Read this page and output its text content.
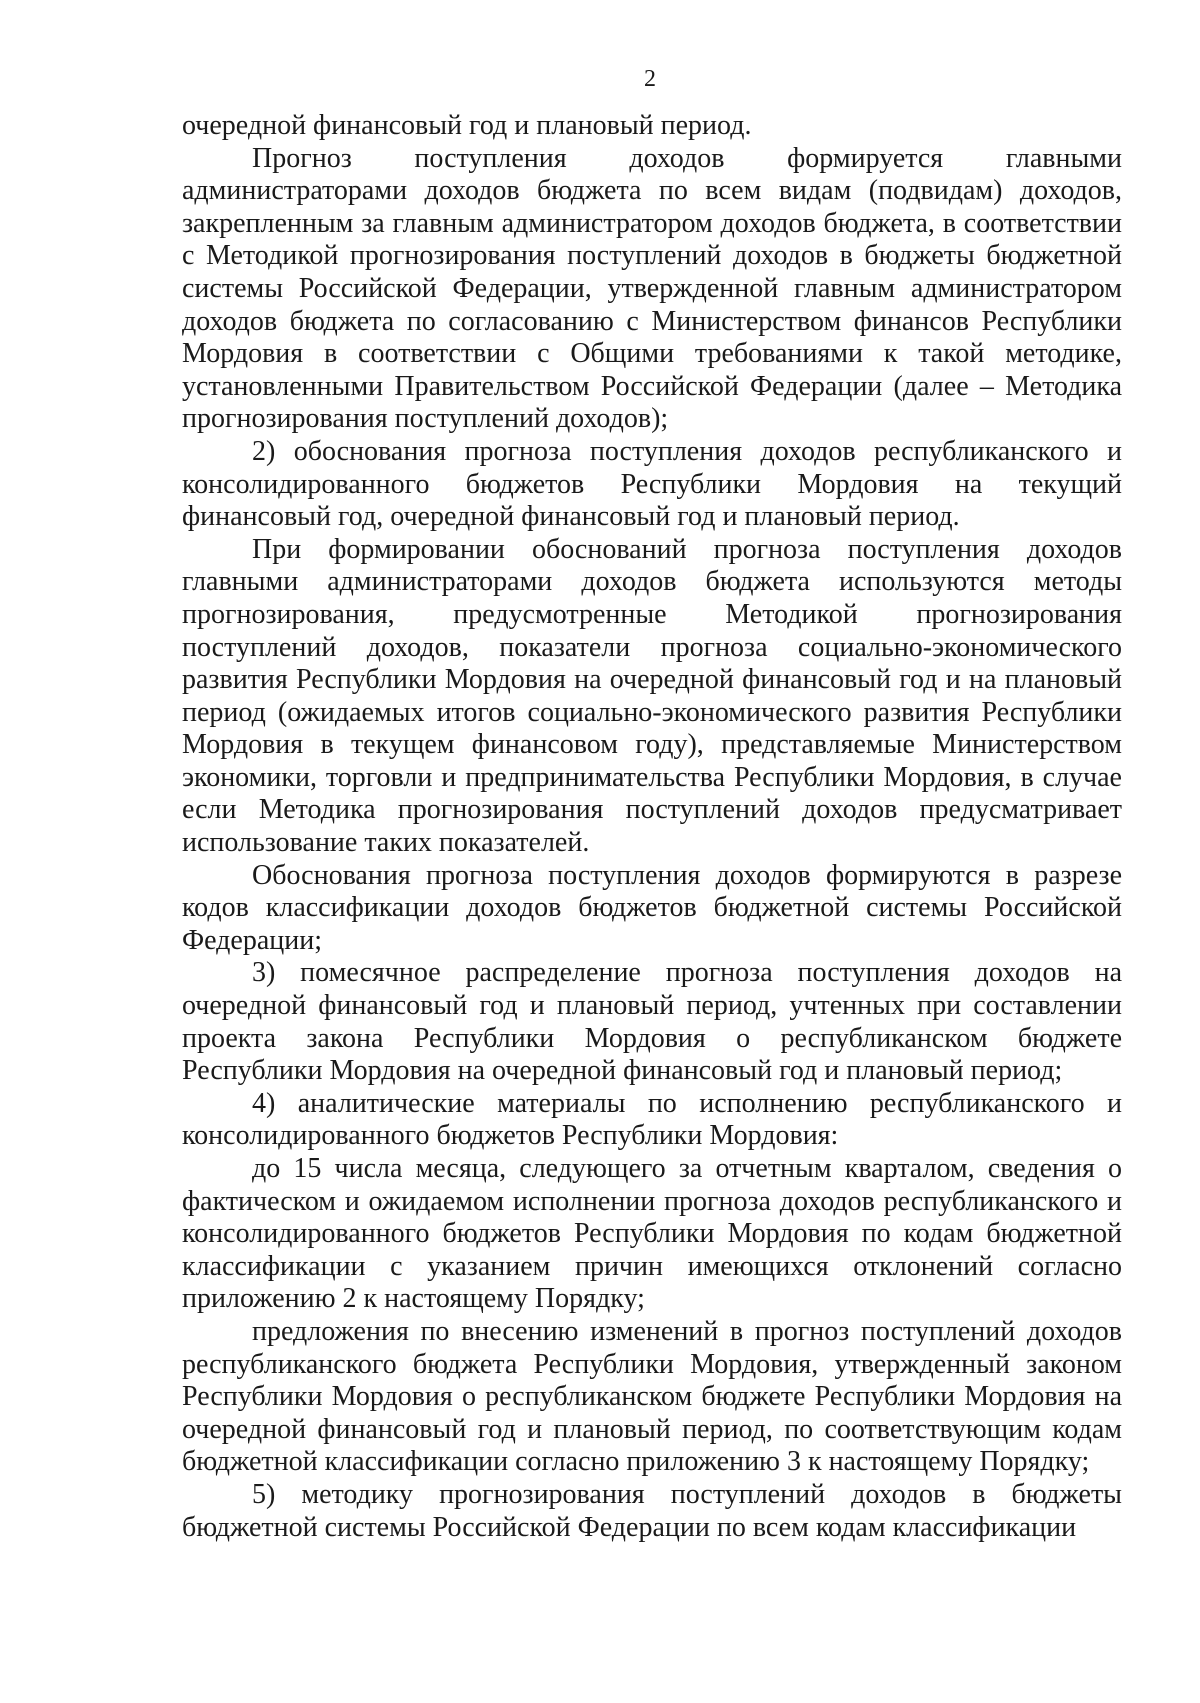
2

очередной финансовый год и плановый период.

Прогноз поступления доходов формируется главными администраторами доходов бюджета по всем видам (подвидам) доходов, закрепленным за главным администратором доходов бюджета, в соответствии с Методикой прогнозирования поступлений доходов в бюджеты бюджетной системы Российской Федерации, утвержденной главным администратором доходов бюджета по согласованию с Министерством финансов Республики Мордовия в соответствии с Общими требованиями к такой методике, установленными Правительством Российской Федерации (далее – Методика прогнозирования поступлений доходов);

2) обоснования прогноза поступления доходов республиканского и консолидированного бюджетов Республики Мордовия на текущий финансовый год, очередной финансовый год и плановый период.

При формировании обоснований прогноза поступления доходов главными администраторами доходов бюджета используются методы прогнозирования, предусмотренные Методикой прогнозирования поступлений доходов, показатели прогноза социально-экономического развития Республики Мордовия на очередной финансовый год и на плановый период (ожидаемых итогов социально-экономического развития Республики Мордовия в текущем финансовом году), представляемые Министерством экономики, торговли и предпринимательства Республики Мордовия, в случае если Методика прогнозирования поступлений доходов предусматривает использование таких показателей.

Обоснования прогноза поступления доходов формируются в разрезе кодов классификации доходов бюджетов бюджетной системы Российской Федерации;

3) помесячное распределение прогноза поступления доходов на очередной финансовый год и плановый период, учтенных при составлении проекта закона Республики Мордовия о республиканском бюджете Республики Мордовия на очередной финансовый год и плановый период;

4) аналитические материалы по исполнению республиканского и консолидированного бюджетов Республики Мордовия:

до 15 числа месяца, следующего за отчетным кварталом, сведения о фактическом и ожидаемом исполнении прогноза доходов республиканского и консолидированного бюджетов Республики Мордовия по кодам бюджетной классификации с указанием причин имеющихся отклонений согласно приложению 2 к настоящему Порядку;

предложения по внесению изменений в прогноз поступлений доходов республиканского бюджета Республики Мордовия, утвержденный законом Республики Мордовия о республиканском бюджете Республики Мордовия на очередной финансовый год и плановый период, по соответствующим кодам бюджетной классификации согласно приложению 3 к настоящему Порядку;

5) методику прогнозирования поступлений доходов в бюджеты бюджетной системы Российской Федерации по всем кодам классификации
